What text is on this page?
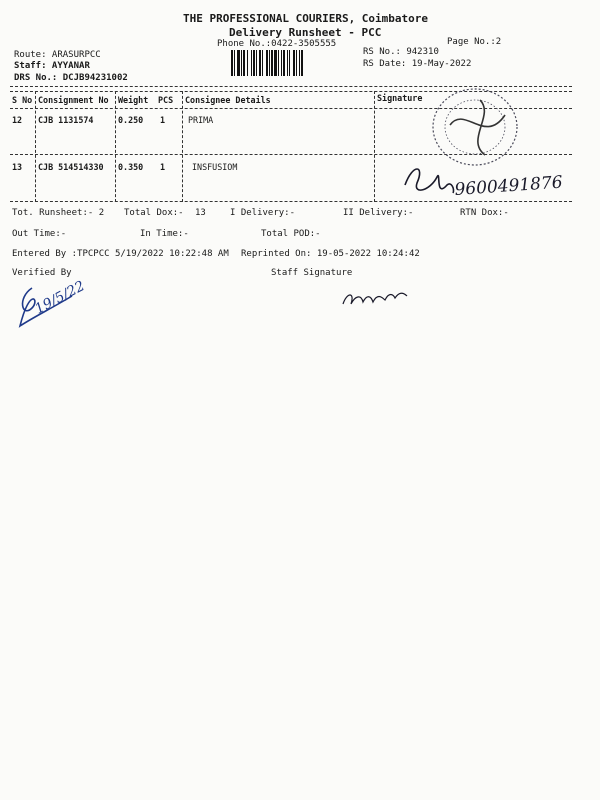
THE PROFESSIONAL COURIERS, Coimbatore
Delivery Runsheet - PCC
Phone No.:0422-3505555	Page No.:2
Route: ARASURPCC
Staff: AYYANAR
DRS No.: DCJB94231002
RS No.: 942310
RS Date: 19-May-2022
S No Consignment No Weight PCS Consignee Details	Signature
12 CJB 1131574	0.250 1	PRIMA
13 CJB 514514330 0.350 1	INSFUSIOM
Tot. Runsheet:- 2 Total Dox:- 13	I Delivery:-	II Delivery:-	RTN Dox:-
Out Time:-	In Time:-	Total POD:-
Entered By :TPCPCC 5/19/2022 10:22:48 AM Reprinted On: 19-05-2022 10:24:42
Verified By	Staff Signature
9600491876
19/5/22
